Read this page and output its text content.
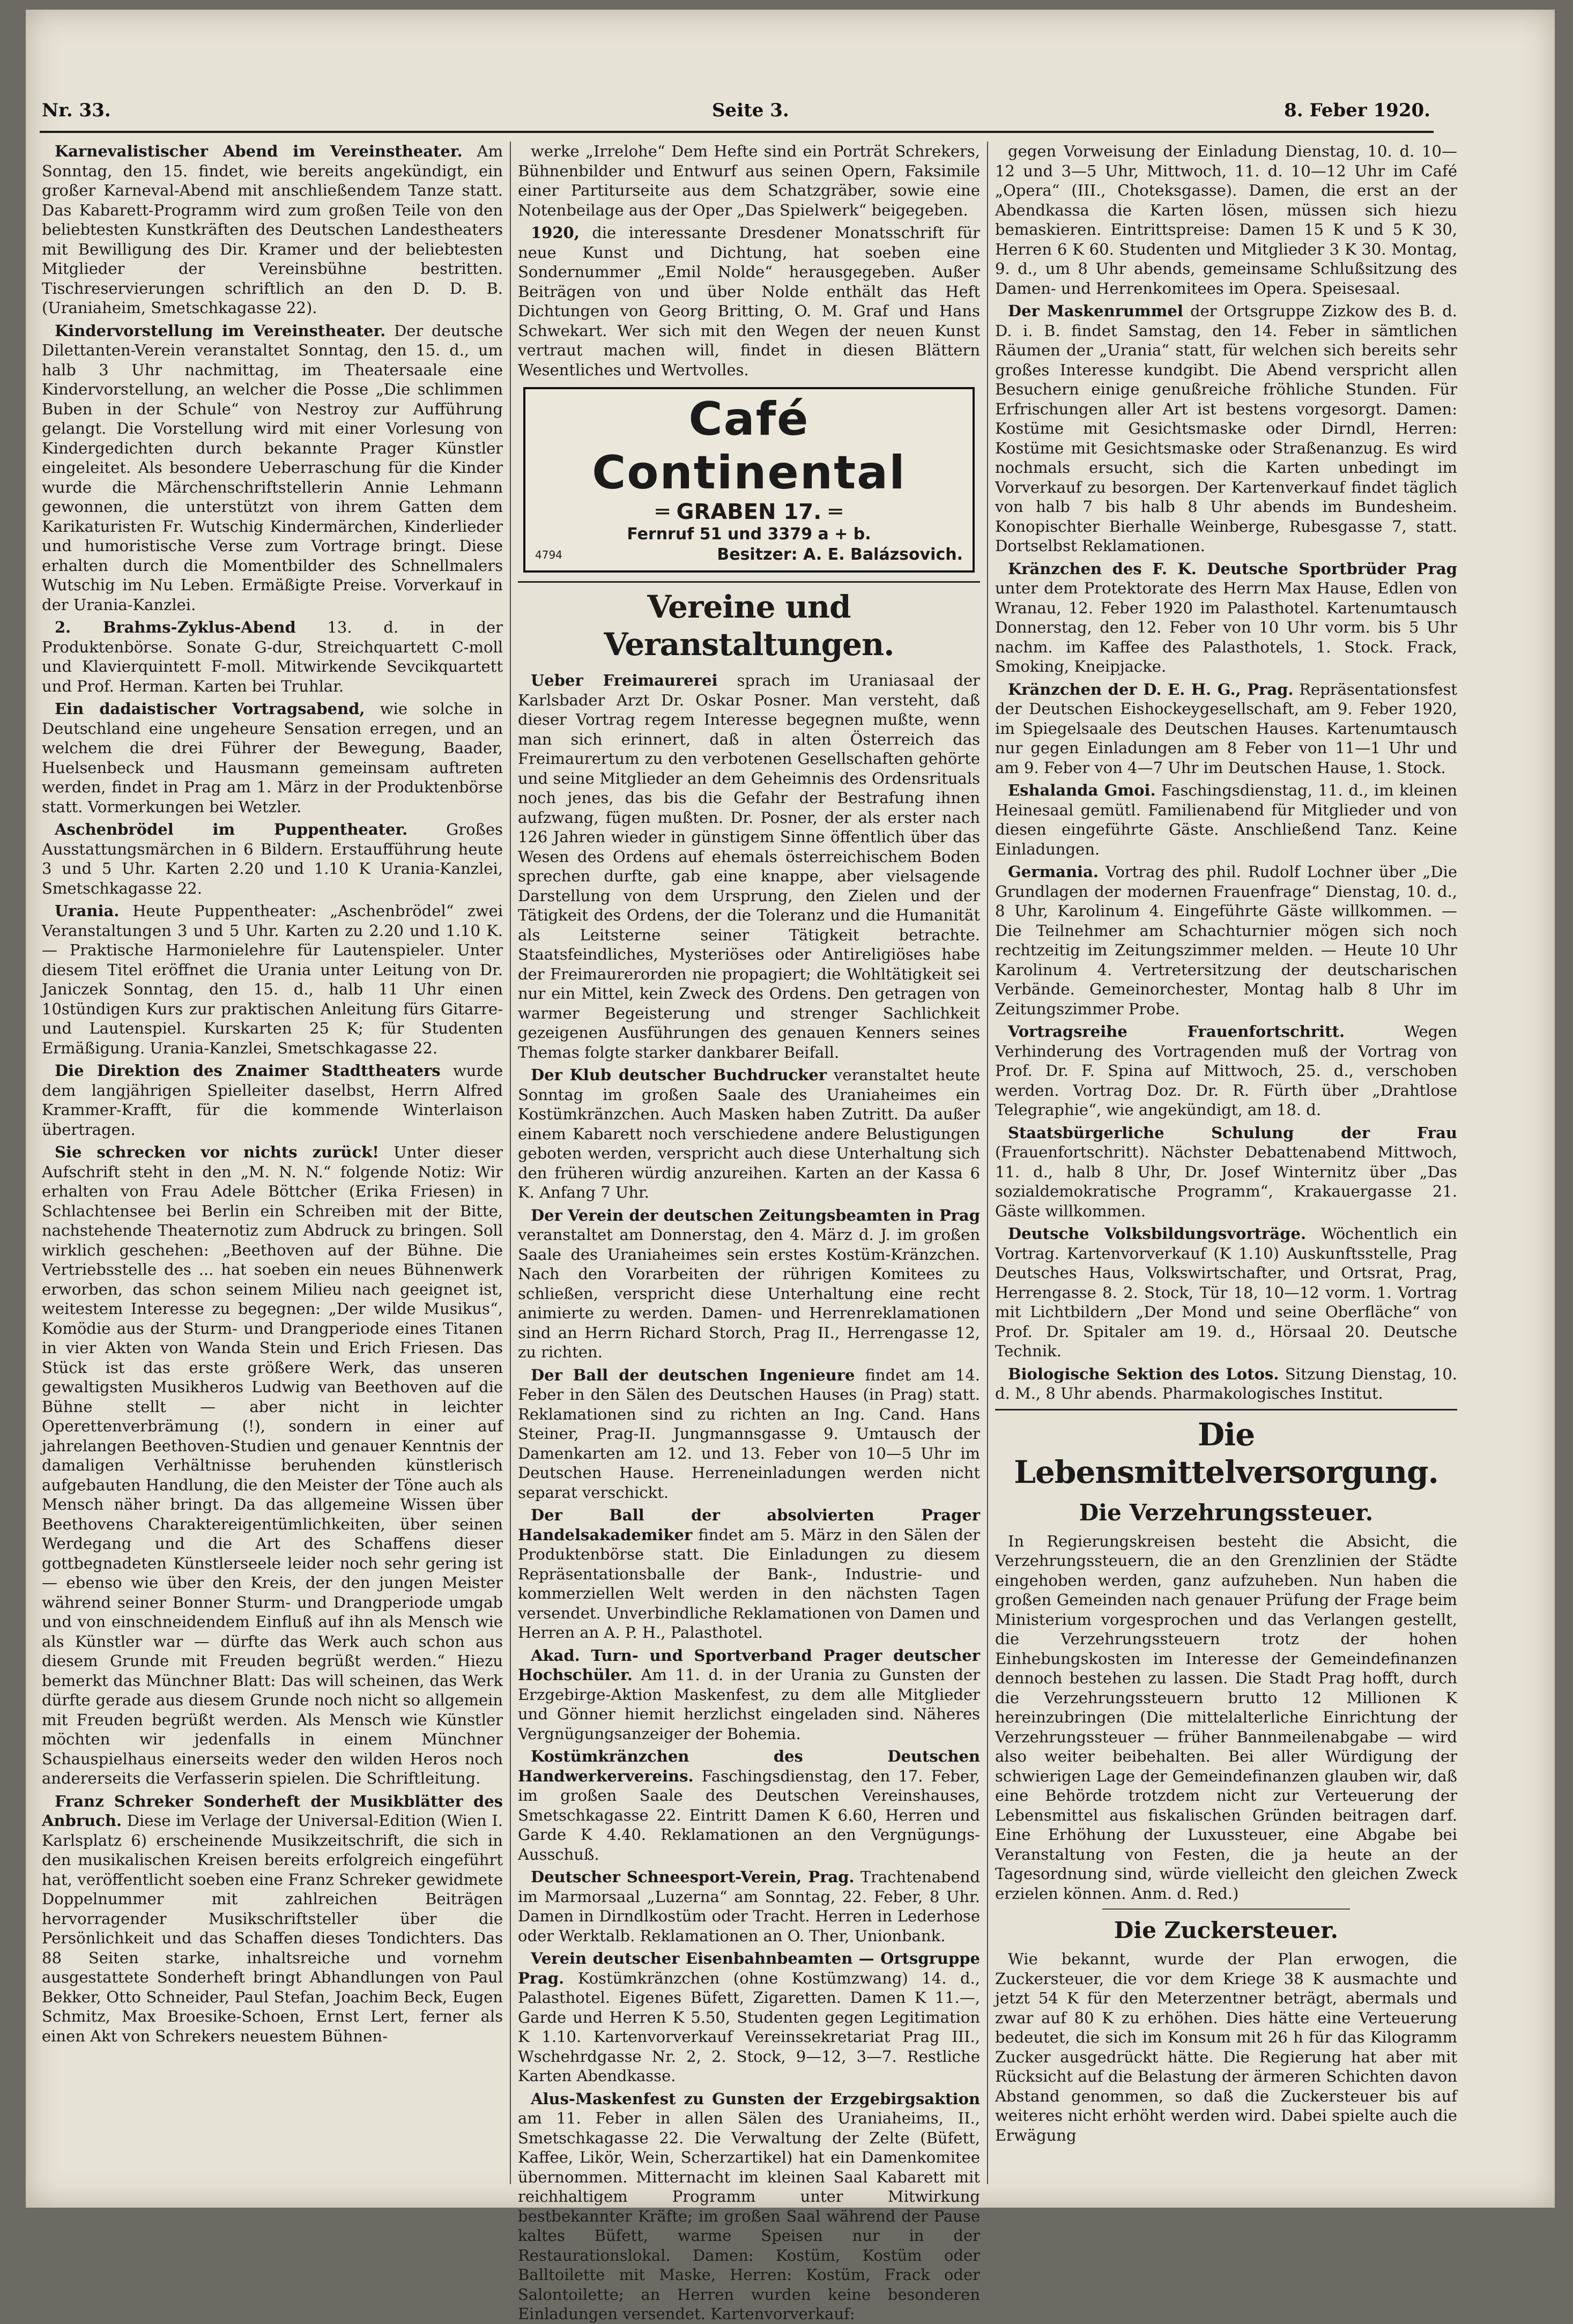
Nr. 33.	Seite 3.	8. Feber 1920.

Karnevalistischer Abend im Vereinstheater. Am Sonntag, den 15. findet, wie bereits angekündigt, ein großer Karneval-Abend mit anschließendem Tanze statt. Das Kabarett-Programm wird zum großen Teile von den beliebtesten Kunstkräften des Deutschen Landestheaters mit Bewilligung des Dir. Kramer und der beliebtesten Mitglieder der Vereinsbühne bestritten. Tischreservierungen schriftlich an den D. D. B. (Uraniaheim, Smetschkagasse 22).

Kindervorstellung im Vereinstheater. Der deutsche Dilettanten-Verein veranstaltet Sonntag, den 15. d., um halb 3 Uhr nachmittag, im Theatersaale eine Kindervorstellung, an welcher die Posse „Die schlimmen Buben in der Schule“ von Nestroy zur Aufführung gelangt. Die Vorstellung wird mit einer Vorlesung von Kindergedichten durch bekannte Prager Künstler eingeleitet. Als besondere Ueberraschung für die Kinder wurde die Märchenschriftstellerin Annie Lehmann gewonnen, die unterstützt von ihrem Gatten dem Karikaturisten Fr. Wutschig Kindermärchen, Kinderlieder und humoristische Verse zum Vortrage bringt. Diese erhalten durch die Momentbilder des Schnellmalers Wutschig im Nu Leben. Ermäßigte Preise. Vorverkauf in der Urania-Kanzlei.

2. Brahms-Zyklus-Abend 13. d. in der Produktenbörse. Sonate G-dur, Streichquartett C-moll und Klavierquintett F-moll. Mitwirkende Sevcikquartett und Prof. Herman. Karten bei Truhlar.

Ein dadaistischer Vortragsabend, wie solche in Deutschland eine ungeheure Sensation erregen, und an welchem die drei Führer der Bewegung, Baader, Huelsenbeck und Hausmann gemeinsam auftreten werden, findet in Prag am 1. März in der Produktenbörse statt. Vormerkungen bei Wetzler.

Aschenbrödel im Puppentheater. Großes Ausstattungsmärchen in 6 Bildern. Erstaufführung heute 3 und 5 Uhr. Karten 2.20 und 1.10 K Urania-Kanzlei, Smetschkagasse 22.

Urania. Heute Puppentheater: „Aschenbrödel“ zwei Veranstaltungen 3 und 5 Uhr. Karten zu 2.20 und 1.10 K. — Praktische Harmonielehre für Lautenspieler. Unter diesem Titel eröffnet die Urania unter Leitung von Dr. Janiczek Sonntag, den 15. d., halb 11 Uhr einen 10stündigen Kurs zur praktischen Anleitung fürs Gitarre- und Lautenspiel. Kurskarten 25 K; für Studenten Ermäßigung. Urania-Kanzlei, Smetschkagasse 22.

Die Direktion des Znaimer Stadttheaters wurde dem langjährigen Spielleiter daselbst, Herrn Alfred Krammer-Krafft, für die kommende Winterlaison übertragen.

Sie schrecken vor nichts zurück! Unter dieser Aufschrift steht in den „M. N. N.“ folgende Notiz: Wir erhalten von Frau Adele Böttcher (Erika Friesen) in Schlachtensee bei Berlin ein Schreiben mit der Bitte, nachstehende Theaternotiz zum Abdruck zu bringen. Soll wirklich geschehen: „Beethoven auf der Bühne. Die Vertriebsstelle des ... hat soeben ein neues Bühnenwerk erworben, das schon seinem Milieu nach geeignet ist, weitestem Interesse zu begegnen: „Der wilde Musikus“, Komödie aus der Sturm- und Drangperiode eines Titanen in vier Akten von Wanda Stein und Erich Friesen. Das Stück ist das erste größere Werk, das unseren gewaltigsten Musikheros Ludwig van Beethoven auf die Bühne stellt — aber nicht in leichter Operettenverbrämung (!), sondern in einer auf jahrelangen Beethoven-Studien und genauer Kenntnis der damaligen Verhältnisse beruhenden künstlerisch aufgebauten Handlung, die den Meister der Töne auch als Mensch näher bringt. Da das allgemeine Wissen über Beethovens Charaktereigentümlichkeiten, über seinen Werdegang und die Art des Schaffens dieser gottbegnadeten Künstlerseele leider noch sehr gering ist — ebenso wie über den Kreis, der den jungen Meister während seiner Bonner Sturm- und Drangperiode umgab und von einschneidendem Einfluß auf ihn als Mensch wie als Künstler war — dürfte das Werk auch schon aus diesem Grunde mit Freuden begrüßt werden.“ Hiezu bemerkt das Münchner Blatt: Das will scheinen, das Werk dürfte gerade aus diesem Grunde noch nicht so allgemein mit Freuden begrüßt werden. Als Mensch wie Künstler möchten wir jedenfalls in einem Münchner Schauspielhaus einerseits weder den wilden Heros noch andererseits die Verfasserin spielen. Die Schriftleitung.

Franz Schreker Sonderheft der Musikblätter des Anbruch. Diese im Verlage der Universal-Edition (Wien I. Karlsplatz 6) erscheinende Musikzeitschrift, die sich in den musikalischen Kreisen bereits erfolgreich eingeführt hat, veröffentlicht soeben eine Franz Schreker gewidmete Doppelnummer mit zahlreichen Beiträgen hervorragender Musikschriftsteller über die Persönlichkeit und das Schaffen dieses Tondichters. Das 88 Seiten starke, inhaltsreiche und vornehm ausgestattete Sonderheft bringt Abhandlungen von Paul Bekker, Otto Schneider, Paul Stefan, Joachim Beck, Eugen Schmitz, Max Broesike-Schoen, Ernst Lert, ferner als einen Akt von Schrekers neuestem Bühnen-

werke „Irrelohe“ Dem Hefte sind ein Porträt Schrekers, Bühnenbilder und Entwurf aus seinen Opern, Faksimile einer Partiturseite aus dem Schatzgräber, sowie eine Notenbeilage aus der Oper „Das Spielwerk“ beigegeben.

1920, die interessante Dresdener Monatsschrift für neue Kunst und Dichtung, hat soeben eine Sondernummer „Emil Nolde“ herausgegeben. Außer Beiträgen von und über Nolde enthält das Heft Dichtungen von Georg Britting, O. M. Graf und Hans Schwekart. Wer sich mit den Wegen der neuen Kunst vertraut machen will, findet in diesen Blättern Wesentliches und Wertvolles.

Café Continental
═ GRABEN 17. ═
Fernruf 51 und 3379 a + b.
4794	Besitzer: A. E. Balázsovich.
Vereine und Veranstaltungen.

Ueber Freimaurerei sprach im Uraniasaal der Karlsbader Arzt Dr. Oskar Posner. Man versteht, daß dieser Vortrag regem Interesse begegnen mußte, wenn man sich erinnert, daß in alten Österreich das Freimaurertum zu den verbotenen Gesellschaften gehörte und seine Mitglieder an dem Geheimnis des Ordensrituals noch jenes, das bis die Gefahr der Bestrafung ihnen aufzwang, fügen mußten. Dr. Posner, der als erster nach 126 Jahren wieder in günstigem Sinne öffentlich über das Wesen des Ordens auf ehemals österreichischem Boden sprechen durfte, gab eine knappe, aber vielsagende Darstellung von dem Ursprung, den Zielen und der Tätigkeit des Ordens, der die Toleranz und die Humanität als Leitsterne seiner Tätigkeit betrachte. Staatsfeindliches, Mysteriöses oder Antireligiöses habe der Freimaurerorden nie propagiert; die Wohltätigkeit sei nur ein Mittel, kein Zweck des Ordens. Den getragen von warmer Begeisterung und strenger Sachlichkeit gezeigenen Ausführungen des genauen Kenners seines Themas folgte starker dankbarer Beifall.

Der Klub deutscher Buchdrucker veranstaltet heute Sonntag im großen Saale des Uraniaheimes ein Kostümkränzchen. Auch Masken haben Zutritt. Da außer einem Kabarett noch verschiedene andere Belustigungen geboten werden, verspricht auch diese Unterhaltung sich den früheren würdig anzureihen. Karten an der Kassa 6 K. Anfang 7 Uhr.

Der Verein der deutschen Zeitungsbeamten in Prag veranstaltet am Donnerstag, den 4. März d. J. im großen Saale des Uraniaheimes sein erstes Kostüm-Kränzchen. Nach den Vorarbeiten der rührigen Komitees zu schließen, verspricht diese Unterhaltung eine recht animierte zu werden. Damen- und Herrenreklamationen sind an Herrn Richard Storch, Prag II., Herrengasse 12, zu richten.

Der Ball der deutschen Ingenieure findet am 14. Feber in den Sälen des Deutschen Hauses (in Prag) statt. Reklamationen sind zu richten an Ing. Cand. Hans Steiner, Prag-II. Jungmannsgasse 9. Umtausch der Damenkarten am 12. und 13. Feber von 10—5 Uhr im Deutschen Hause. Herreneinladungen werden nicht separat verschickt.

Der Ball der absolvierten Prager Handelsakademiker findet am 5. März in den Sälen der Produktenbörse statt. Die Einladungen zu diesem Repräsentationsballe der Bank-, Industrie- und kommerziellen Welt werden in den nächsten Tagen versendet. Unverbindliche Reklamationen von Damen und Herren an A. P. H., Palasthotel.

Akad. Turn- und Sportverband Prager deutscher Hochschüler. Am 11. d. in der Urania zu Gunsten der Erzgebirge-Aktion Maskenfest, zu dem alle Mitglieder und Gönner hiemit herzlichst eingeladen sind. Näheres Vergnügungsanzeiger der Bohemia.

Kostümkränzchen des Deutschen Handwerkervereins. Faschingsdienstag, den 17. Feber, im großen Saale des Deutschen Vereinshauses, Smetschkagasse 22. Eintritt Damen K 6.60, Herren und Garde K 4.40. Reklamationen an den Vergnügungs-Ausschuß.

Deutscher Schneesport-Verein, Prag. Trachtenabend im Marmorsaal „Luzerna“ am Sonntag, 22. Feber, 8 Uhr. Damen in Dirndlkostüm oder Tracht. Herren in Lederhose oder Werktalb. Reklamationen an O. Ther, Unionbank.

Verein deutscher Eisenbahnbeamten — Ortsgruppe Prag. Kostümkränzchen (ohne Kostümzwang) 14. d., Palasthotel. Eigenes Büfett, Zigaretten. Damen K 11.—, Garde und Herren K 5.50, Studenten gegen Legitimation K 1.10. Kartenvorverkauf Vereinssekretariat Prag III., Wschehrdgasse Nr. 2, 2. Stock, 9—12, 3—7. Restliche Karten Abendkasse.

Alus-Maskenfest zu Gunsten der Erzgebirgsaktion am 11. Feber in allen Sälen des Uraniaheims, II., Smetschkagasse 22. Die Verwaltung der Zelte (Büfett, Kaffee, Likör, Wein, Scherzartikel) hat ein Damenkomitee übernommen. Mitternacht im kleinen Saal Kabarett mit reichhaltigem Programm unter Mitwirkung bestbekannter Kräfte; im großen Saal während der Pause kaltes Büfett, warme Speisen nur in der Restaurationslokal. Damen: Kostüm, Kostüm oder Balltoilette mit Maske, Herren: Kostüm, Frack oder Salontoilette; an Herren wurden keine besonderen Einladungen versendet. Kartenvorverkauf:

gegen Vorweisung der Einladung Dienstag, 10. d. 10—12 und 3—5 Uhr, Mittwoch, 11. d. 10—12 Uhr im Café „Opera“ (III., Choteksgasse). Damen, die erst an der Abendkassa die Karten lösen, müssen sich hiezu bemaskieren. Eintrittspreise: Damen 15 K und 5 K 30, Herren 6 K 60. Studenten und Mitglieder 3 K 30. Montag, 9. d., um 8 Uhr abends, gemeinsame Schlußsitzung des Damen- und Herrenkomitees im Opera. Speisesaal.

Der Maskenrummel der Ortsgruppe Zizkow des B. d. D. i. B. findet Samstag, den 14. Feber in sämtlichen Räumen der „Urania“ statt, für welchen sich bereits sehr großes Interesse kundgibt. Die Abend verspricht allen Besuchern einige genußreiche fröhliche Stunden. Für Erfrischungen aller Art ist bestens vorgesorgt. Damen: Kostüme mit Gesichtsmaske oder Dirndl, Herren: Kostüme mit Gesichtsmaske oder Straßenanzug. Es wird nochmals ersucht, sich die Karten unbedingt im Vorverkauf zu besorgen. Der Kartenverkauf findet täglich von halb 7 bis halb 8 Uhr abends im Bundesheim. Konopischter Bierhalle Weinberge, Rubesgasse 7, statt. Dortselbst Reklamationen.

Kränzchen des F. K. Deutsche Sportbrüder Prag unter dem Protektorate des Herrn Max Hause, Edlen von Wranau, 12. Feber 1920 im Palasthotel. Kartenumtausch Donnerstag, den 12. Feber von 10 Uhr vorm. bis 5 Uhr nachm. im Kaffee des Palasthotels, 1. Stock. Frack, Smoking, Kneipjacke.

Kränzchen der D. E. H. G., Prag. Repräsentationsfest der Deutschen Eishockeygesellschaft, am 9. Feber 1920, im Spiegelsaale des Deutschen Hauses. Kartenumtausch nur gegen Einladungen am 8 Feber von 11—1 Uhr und am 9. Feber von 4—7 Uhr im Deutschen Hause, 1. Stock.

Eshalanda Gmoi. Faschingsdienstag, 11. d., im kleinen Heinesaal gemütl. Familienabend für Mitglieder und von diesen eingeführte Gäste. Anschließend Tanz. Keine Einladungen.

Germania. Vortrag des phil. Rudolf Lochner über „Die Grundlagen der modernen Frauenfrage“ Dienstag, 10. d., 8 Uhr, Karolinum 4. Eingeführte Gäste willkommen. — Die Teilnehmer am Schachturnier mögen sich noch rechtzeitig im Zeitungszimmer melden. — Heute 10 Uhr Karolinum 4. Vertretersitzung der deutscharischen Verbände. Gemeinorchester, Montag halb 8 Uhr im Zeitungszimmer Probe.

Vortragsreihe Frauenfortschritt. Wegen Verhinderung des Vortragenden muß der Vortrag von Prof. Dr. F. Spina auf Mittwoch, 25. d., verschoben werden. Vortrag Doz. Dr. R. Fürth über „Drahtlose Telegraphie“, wie angekündigt, am 18. d.

Staatsbürgerliche Schulung der Frau (Frauenfortschritt). Nächster Debattenabend Mittwoch, 11. d., halb 8 Uhr, Dr. Josef Winternitz über „Das sozialdemokratische Programm“, Krakauergasse 21. Gäste willkommen.

Deutsche Volksbildungsvorträge. Wöchentlich ein Vortrag. Kartenvorverkauf (K 1.10) Auskunftsstelle, Prag Deutsches Haus, Volkswirtschafter, und Ortsrat, Prag, Herrengasse 8. 2. Stock, Tür 18, 10—12 vorm. 1. Vortrag mit Lichtbildern „Der Mond und seine Oberfläche“ von Prof. Dr. Spitaler am 19. d., Hörsaal 20. Deutsche Technik.

Biologische Sektion des Lotos. Sitzung Dienstag, 10. d. M., 8 Uhr abends. Pharmakologisches Institut.

Die Lebensmittelversorgung.
Die Verzehrungssteuer.

In Regierungskreisen besteht die Absicht, die Verzehrungssteuern, die an den Grenzlinien der Städte eingehoben werden, ganz aufzuheben. Nun haben die großen Gemeinden nach genauer Prüfung der Frage beim Ministerium vorgesprochen und das Verlangen gestellt, die Verzehrungssteuern trotz der hohen Einhebungskosten im Interesse der Gemeindefinanzen dennoch bestehen zu lassen. Die Stadt Prag hofft, durch die Verzehrungssteuern brutto 12 Millionen K hereinzubringen (Die mittelalterliche Einrichtung der Verzehrungssteuer — früher Bannmeilenabgabe — wird also weiter beibehalten. Bei aller Würdigung der schwierigen Lage der Gemeindefinanzen glauben wir, daß eine Behörde trotzdem nicht zur Verteuerung der Lebensmittel aus fiskalischen Gründen beitragen darf. Eine Erhöhung der Luxussteuer, eine Abgabe bei Veranstaltung von Festen, die ja heute an der Tagesordnung sind, würde vielleicht den gleichen Zweck erzielen können. Anm. d. Red.)

Die Zuckersteuer.

Wie bekannt, wurde der Plan erwogen, die Zuckersteuer, die vor dem Kriege 38 K ausmachte und jetzt 54 K für den Meterzentner beträgt, abermals und zwar auf 80 K zu erhöhen. Dies hätte eine Verteuerung bedeutet, die sich im Konsum mit 26 h für das Kilogramm Zucker ausgedrückt hätte. Die Regierung hat aber mit Rücksicht auf die Belastung der ärmeren Schichten davon Abstand genommen, so daß die Zuckersteuer bis auf weiteres nicht erhöht werden wird. Dabei spielte auch die Erwägung
